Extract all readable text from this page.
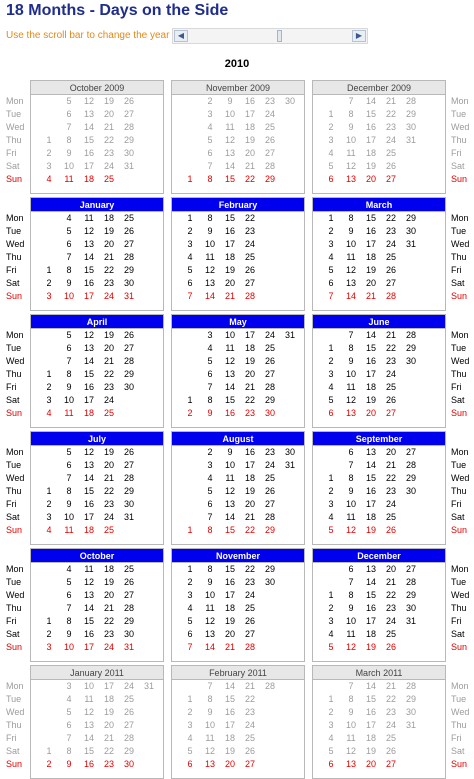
18 Months - Days on the Side
Use the scroll bar to change the year	◀	▶
2010
Mon
Tue
Wed
Thu
Fri
Sat
Sun
Mon
Tue
Wed
Thu
Fri
Sat
Sun
October 2009
5	12	19	26
6	13	20	27
7	14	21	28
1	8	15	22	29
2	9	16	23	30
3	10	17	24	31
4	11	18	25
November 2009
2	9	16	23	30
3	10	17	24
4	11	18	25
5	12	19	26
6	13	20	27
7	14	21	28
1	8	15	22	29
December 2009
7	14	21	28
1	8	15	22	29
2	9	16	23	30
3	10	17	24	31
4	11	18	25
5	12	19	26
6	13	20	27
Mon
Tue
Wed
Thu
Fri
Sat
Sun
Mon
Tue
Wed
Thu
Fri
Sat
Sun
January
4	11	18	25
5	12	19	26
6	13	20	27
7	14	21	28
1	8	15	22	29
2	9	16	23	30
3	10	17	24	31
February
1	8	15	22
2	9	16	23
3	10	17	24
4	11	18	25
5	12	19	26
6	13	20	27
7	14	21	28
March
1	8	15	22	29
2	9	16	23	30
3	10	17	24	31
4	11	18	25
5	12	19	26
6	13	20	27
7	14	21	28
Mon
Tue
Wed
Thu
Fri
Sat
Sun
Mon
Tue
Wed
Thu
Fri
Sat
Sun
April
5	12	19	26
6	13	20	27
7	14	21	28
1	8	15	22	29
2	9	16	23	30
3	10	17	24
4	11	18	25
May
3	10	17	24	31
4	11	18	25
5	12	19	26
6	13	20	27
7	14	21	28
1	8	15	22	29
2	9	16	23	30
June
7	14	21	28
1	8	15	22	29
2	9	16	23	30
3	10	17	24
4	11	18	25
5	12	19	26
6	13	20	27
Mon
Tue
Wed
Thu
Fri
Sat
Sun
Mon
Tue
Wed
Thu
Fri
Sat
Sun
July
5	12	19	26
6	13	20	27
7	14	21	28
1	8	15	22	29
2	9	16	23	30
3	10	17	24	31
4	11	18	25
August
2	9	16	23	30
3	10	17	24	31
4	11	18	25
5	12	19	26
6	13	20	27
7	14	21	28
1	8	15	22	29
September
6	13	20	27
7	14	21	28
1	8	15	22	29
2	9	16	23	30
3	10	17	24
4	11	18	25
5	12	19	26
Mon
Tue
Wed
Thu
Fri
Sat
Sun
Mon
Tue
Wed
Thu
Fri
Sat
Sun
October
4	11	18	25
5	12	19	26
6	13	20	27
7	14	21	28
1	8	15	22	29
2	9	16	23	30
3	10	17	24	31
November
1	8	15	22	29
2	9	16	23	30
3	10	17	24
4	11	18	25
5	12	19	26
6	13	20	27
7	14	21	28
December
6	13	20	27
7	14	21	28
1	8	15	22	29
2	9	16	23	30
3	10	17	24	31
4	11	18	25
5	12	19	26
Mon
Tue
Wed
Thu
Fri
Sat
Sun
Mon
Tue
Wed
Thu
Fri
Sat
Sun
January 2011
3	10	17	24	31
4	11	18	25
5	12	19	26
6	13	20	27
7	14	21	28
1	8	15	22	29
2	9	16	23	30
February 2011
7	14	21	28
1	8	15	22
2	9	16	23
3	10	17	24
4	11	18	25
5	12	19	26
6	13	20	27
March 2011
7	14	21	28
1	8	15	22	29
2	9	16	23	30
3	10	17	24	31
4	11	18	25
5	12	19	26
6	13	20	27
